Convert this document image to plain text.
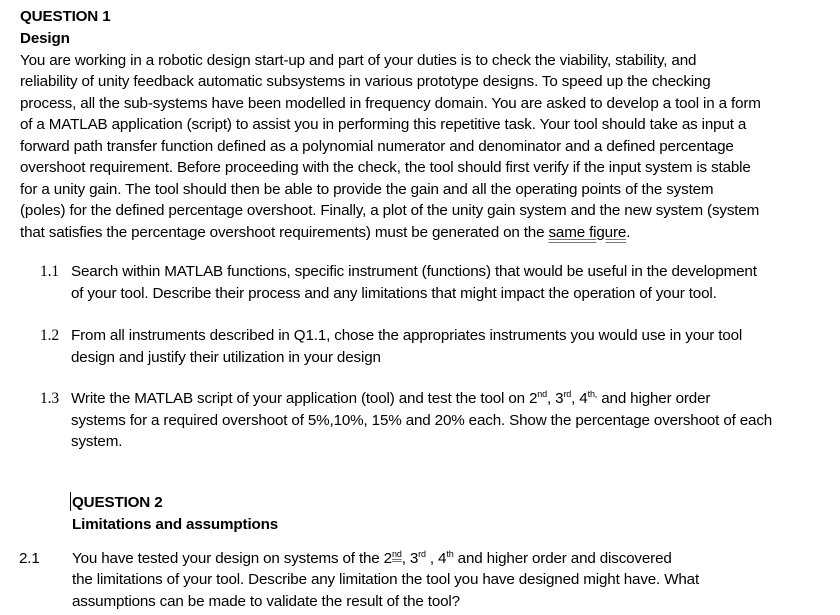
QUESTION 1
Design
You are working in a robotic design start-up and part of your duties is to check the viability, stability, and
reliability of unity feedback automatic subsystems in various prototype designs. To speed up the checking
process, all the sub-systems have been modelled in frequency domain. You are asked to develop a tool in a form
of a MATLAB application (script) to assist you in performing this repetitive task. Your tool should take as input a
forward path transfer function defined as a polynomial numerator and denominator and a defined percentage
overshoot requirement. Before proceeding with the check, the tool should first verify if the input system is stable
for a unity gain. The tool should then be able to provide the gain and all the operating points of the system
(poles) for the defined percentage overshoot. Finally, a plot of the unity gain system and the new system (system
that satisfies the percentage overshoot requirements) must be generated on the same figure.
1.1 Search within MATLAB functions, specific instrument (functions) that would be useful in the development
of your tool. Describe their process and any limitations that might impact the operation of your tool.
1.2 From all instruments described in Q1.1, chose the appropriates instruments you would use in your tool
design and justify their utilization in your design
1.3 Write the MATLAB script of your application (tool) and test the tool on 2nd, 3rd, $4^{th,}$ and higher order
systems for a required overshoot of 5%,10%, 15% and 20% each. Show the percentage overshoot of each
system.
QUESTION 2
Limitations and assumptions
2.1 You have tested your design on systems of the 2nd, 3rd , 4th and higher order and discovered
the limitations of your tool. Describe any limitation the tool you have designed might have. What
assumptions can be made to validate the result of the tool?
